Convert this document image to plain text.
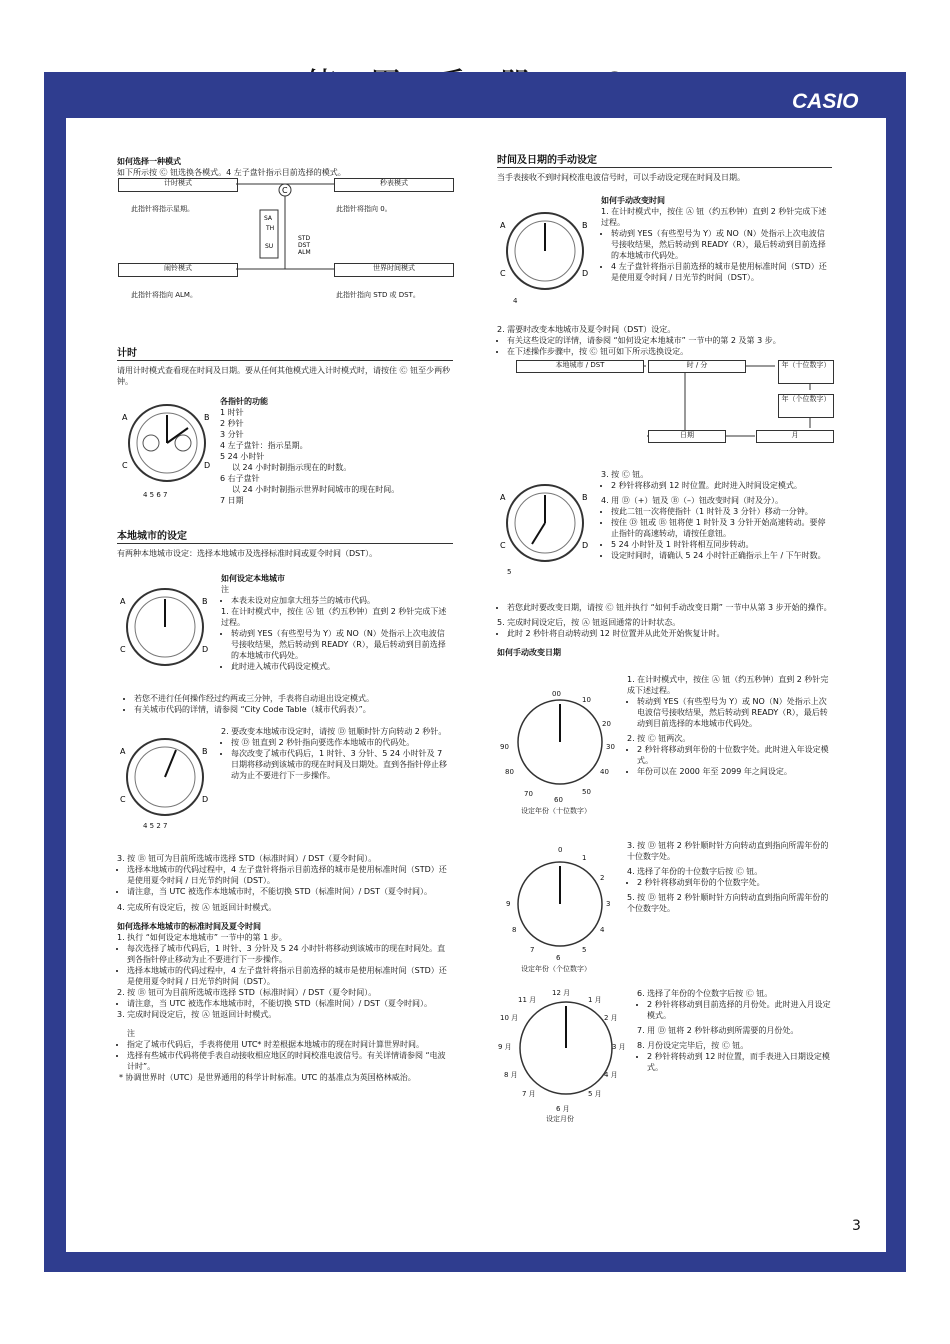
CASIO
3
如何选择一种模式
如下所示按 Ⓒ 钮选换各模式。4 左子盘针指示目前选择的模式。
计时模式	秒表模式
闹铃模式	世界时间模式
此指针将指示星期。	此指针将指向 0。
此指针将指向 ALM。	此指针指向 STD 或 DST。
C
SA
TH
SU
STD
DST
ALM
计时
请用计时模式查看现在时间及日期。要从任何其他模式进入计时模式时，请按住 Ⓒ 钮至少两秒钟。
A	B
C	D
4 5 6 7
各指针的功能
1 时针
2 秒针
3 分针
4 左子盘针：指示星期。
5 24 小时针
以 24 小时时制指示现在的时数。
6 右子盘针
以 24 小时时制指示世界时间城市的现在时间。
7 日期
本地城市的设定
有两种本地城市设定：选择本地城市及选择标准时间或夏令时间（DST）。
A	B
C	D
如何设定本地城市
注
• 本表未设对应加拿大纽芬兰的城市代码。
1. 在计时模式中，按住 Ⓐ 钮（约五秒钟）直到 2 秒针完成下述过程。
• 转动到 YES（有些型号为 Y）或 NO（N）处指示上次电波信号接收结果，然后转动到 READY（R），最后转动到目前选择的本地城市代码处。
• 此时进入城市代码设定模式。
• 若您不进行任何操作经过约两或三分钟，手表将自动退出设定模式。
• 有关城市代码的详情，请参阅 “City Code Table（城市代码表）”。
A	B
C	D
4 5 2 7
2. 要改变本地城市设定时，请按 Ⓓ 钮顺时针方向转动 2 秒针。
• 按 Ⓓ 钮直到 2 秒针指向要选作本地城市的代码处。
• 每次改变了城市代码后，1 时针、3 分针、5 24 小时针及 7 日期将移动到该城市的现在时间及日期处。直到各指针停止移动为止不要进行下一步操作。
3. 按 Ⓑ 钮可为目前所选城市选择 STD（标准时间）/ DST（夏令时间）。
• 选择本地城市的代码过程中，4 左子盘针将指示目前选择的城市是使用标准时间（STD）还是使用夏令时间 / 日光节约时间（DST）。
• 请注意，当 UTC 被选作本地城市时，不能切换 STD（标准时间）/ DST（夏令时间）。
4. 完成所有设定后，按 Ⓐ 钮返回计时模式。
如何选择本地城市的标准时间及夏令时间
1. 执行 “如何设定本地城市” 一节中的第 1 步。
• 每次选择了城市代码后，1 时针、3 分针及 5 24 小时针将移动到该城市的现在时间处。直到各指针停止移动为止不要进行下一步操作。
• 选择本地城市的代码过程中，4 左子盘针将指示目前选择的城市是使用标准时间（STD）还是使用夏令时间 / 日光节约时间（DST）。
2. 按 Ⓑ 钮可为目前所选城市选择 STD（标准时间）/ DST（夏令时间）。
• 请注意，当 UTC 被选作本地城市时，不能切换 STD（标准时间）/ DST（夏令时间）。
3. 完成时间设定后，按 Ⓐ 钮返回计时模式。
注
• 指定了城市代码后，手表将使用 UTC* 时差根据本地城市的现在时间计算世界时间。
• 选择有些城市代码将使手表自动接收相应地区的时间校准电波信号。有关详情请参阅 “电波计时”。
* 协调世界时（UTC）是世界通用的科学计时标准。UTC 的基准点为英国格林威治。
时间及日期的手动设定
当手表接收不到时间校准电波信号时，可以手动设定现在时间及日期。
A	B
C	D
4
如何手动改变时间
1. 在计时模式中，按住 Ⓐ 钮（约五秒钟）直到 2 秒针完成下述过程。
• 转动到 YES（有些型号为 Y）或 NO（N）处指示上次电波信号接收结果，然后转动到 READY（R），最后转动到目前选择的本地城市代码处。
• 4 左子盘针将指示目前选择的城市是使用标准时间（STD）还是使用夏令时间 / 日光节约时间（DST）。
2. 需要时改变本地城市及夏令时间（DST）设定。
• 有关这些设定的详情，请参阅 “如何设定本地城市” 一节中的第 2 及第 3 步。
• 在下述操作步骤中，按 Ⓒ 钮可如下所示选换设定。
本地城市 / DST	时 / 分	年（十位数字）
年（个位数字）
月
日期
A	B
C	D
5
3. 按 Ⓒ 钮。
• 2 秒针将移动到 12 时位置。此时进入时间设定模式。
4. 用 Ⓓ（+）钮及 Ⓑ（–）钮改变时间（时及分）。
• 按此二钮一次将使指针（1 时针及 3 分针）移动一分钟。
• 按住 Ⓓ 钮或 Ⓑ 钮将使 1 时针及 3 分针开始高速转动。要停止指针的高速转动，请按任意钮。
• 5 24 小时针及 1 时针将相互同步转动。
• 设定时间时，请确认 5 24 小时针正确指示上午 / 下午时数。
• 若您此时要改变日期，请按 Ⓒ 钮并执行 “如何手动改变日期” 一节中从第 3 步开始的操作。
5. 完成时间设定后，按 Ⓐ 钮返回通常的计时状态。
• 此时 2 秒针将自动转动到 12 时位置并从此处开始恢复计时。
如何手动改变日期
00
10
20
30
40
50
60
70
80
90
设定年份（十位数字）
1. 在计时模式中，按住 Ⓐ 钮（约五秒钟）直到 2 秒针完成下述过程。
• 转动到 YES（有些型号为 Y）或 NO（N）处指示上次电波信号接收结果，然后转动到 READY（R），最后转动到目前选择的本地城市代码处。
2. 按 Ⓒ 钮两次。
• 2 秒针将移动到年份的十位数字处。此时进入年设定模式。
• 年份可以在 2000 年至 2099 年之间设定。
0
1
2
3
4
5
6
7
8
9
设定年份（个位数字）
3. 按 Ⓓ 钮将 2 秒针顺时针方向转动直到指向所需年份的十位数字处。
4. 选择了年份的十位数字后按 Ⓒ 钮。
• 2 秒针将移动到年份的个位数字处。
5. 按 Ⓓ 钮将 2 秒针顺时针方向转动直到指向所需年份的个位数字处。
12 月
1 月
2 月
3 月
4 月
5 月
6 月
7 月
8 月
9 月
10 月
11 月
设定月份
6. 选择了年份的个位数字后按 Ⓒ 钮。
• 2 秒针将移动到目前选择的月份处。此时进入月设定模式。
7. 用 Ⓓ 钮将 2 秒针移动到所需要的月份处。
8. 月份设定完毕后，按 Ⓒ 钮。
• 2 秒针将转动到 12 时位置，而手表进入日期设定模式。
